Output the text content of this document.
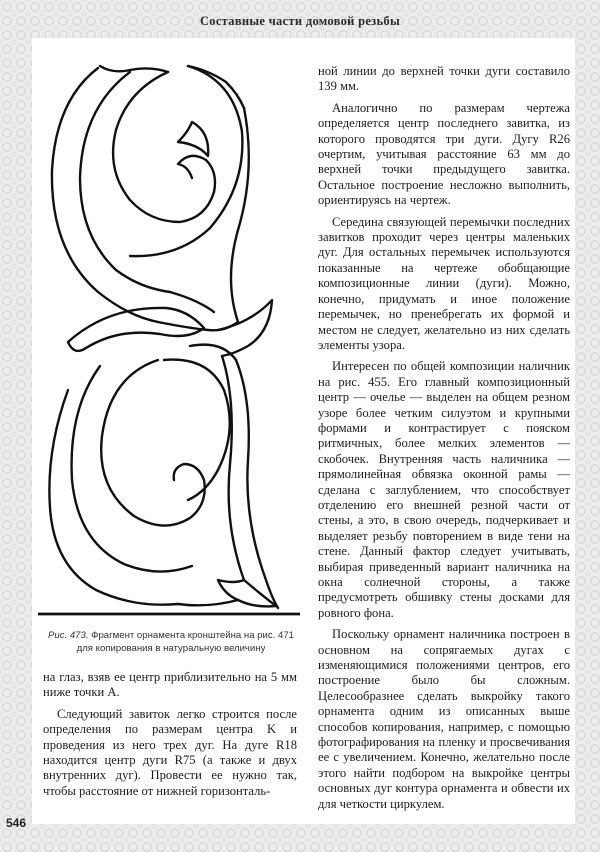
Составные части домовой резьбы
Рис. 473. Фрагмент орнамента кронштейна на рис. 471 для копирования в натуральную величину

на глаз, взяв ее центр приблизительно на 5 мм ниже точки А.

Следующий завиток легко строится после определения по размерам центра K и проведения из него трех дуг. На дуге R18 находится центр дуги R75 (а также и двух внутренних дуг). Провести ее нужно так, чтобы расстояние от нижней горизонталь-

ной линии до верхней точки дуги составило 139 мм.

Аналогично по размерам чертежа определяется центр последнего завитка, из которого проводятся три дуги. Дугу R26 очертим, учитывая расстояние 63 мм до верхней точки предыдущего завитка. Остальное построение несложно выполнить, ориентируясь на чертеж.

Середина связующей перемычки последних завитков проходит через центры маленьких дуг. Для остальных перемычек используются показанные на чертеже обобщающие композиционные линии (дуги). Можно, конечно, придумать и иное положение перемычек, но пренебрегать их формой и местом не следует, желательно из них сделать элементы узора.

Интересен по общей композиции наличник на рис. 455. Его главный композиционный центр — очелье — выделен на общем резном узоре более четким силуэтом и крупными формами и контрастирует с пояском ритмичных, более мелких элементов — скобочек. Внутренняя часть наличника — прямолинейная обвязка оконной рамы — сделана с заглублением, что способствует отделению его внешней резной части от стены, а это, в свою очередь, подчеркивает и выделяет резьбу повторением в виде тени на стене. Данный фактор следует учитывать, выбирая приведенный вариант наличника на окна солнечной стороны, а также предусмотреть обшивку стены досками для ровного фона.

Поскольку орнамент наличника построен в основном на сопрягаемых дугах с изменяющимися положениями центров, его построение было бы сложным. Целесообразнее сделать выкройку такого орнамента одним из описанных выше способов копирования, например, с помощью фотографирования на пленку и просвечивания ее с увеличением. Конечно, желательно после этого найти подбором на выкройке центры основных дуг контура орнамента и обвести их для четкости циркулем.

546
